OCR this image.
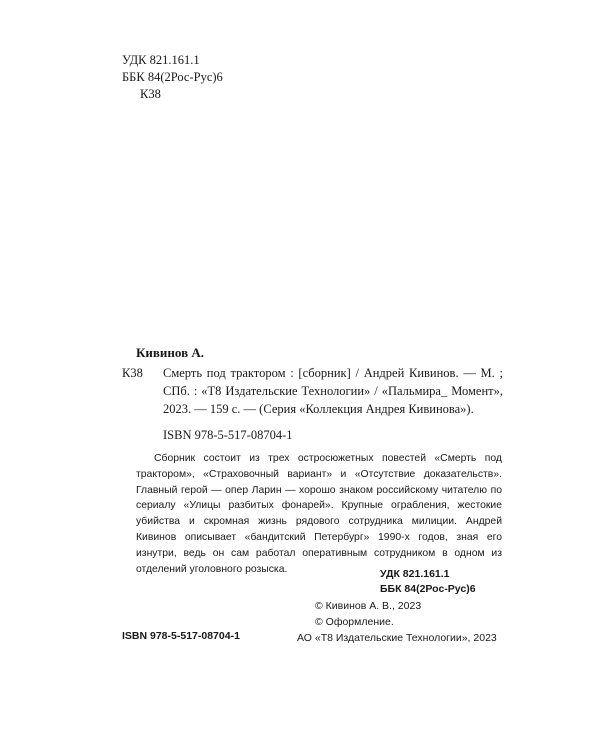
УДК 821.161.1
ББК 84(2Рос-Рус)6
К38
Кивинов А.
К38 Смерть под трактором : [сборник] / Андрей Кивинов. — М. ; СПб. : «Т8 Издательские Технологии» / «Пальмира_ Момент», 2023. — 159 с. — (Серия «Коллекция Андрея Кивинова»).
ISBN 978-5-517-08704-1

Сборник состоит из трех остросюжетных повестей «Смерть под трактором», «Страховочный вариант» и «Отсутствие доказательств». Главный герой — опер Ларин — хорошо знаком российскому читателю по сериалу «Улицы разбитых фонарей». Крупные ограбления, жестокие убийства и скромная жизнь рядового сотрудника милиции. Андрей Кивинов описывает «бандитский Петербург» 1990-х годов, зная его изнутри, ведь он сам работал оперативным сотрудником в одном из отделений уголовного розыска.	УДК 821.161.1
ББК 84(2Рос-Рус)6
© Кивинов А. В., 2023
© Оформление.
АО «Т8 Издательские Технологии», 2023
ISBN 978-5-517-08704-1
